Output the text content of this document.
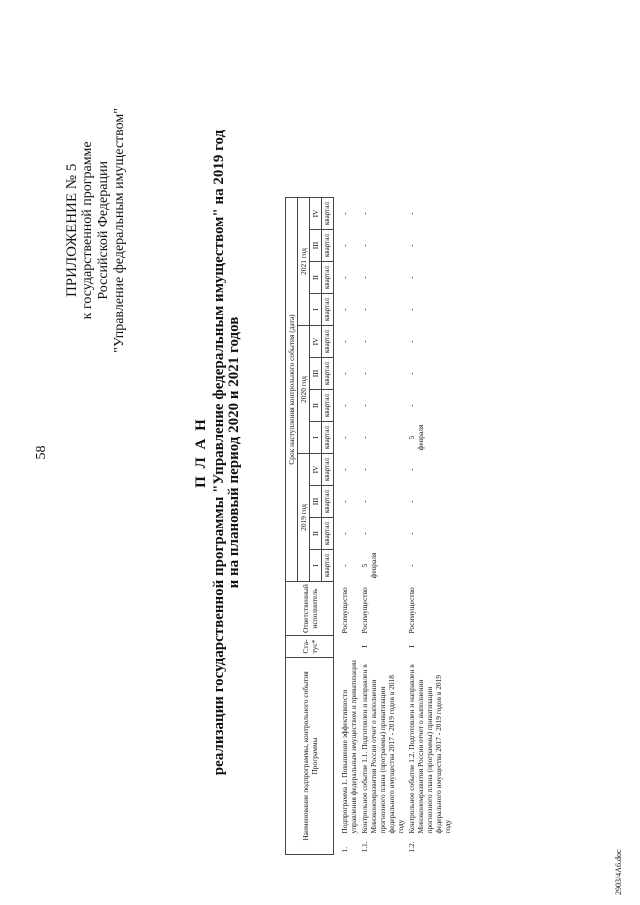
58
ПРИЛОЖЕНИЕ № 5 к государственной программе Российской Федерации "Управление федеральным имуществом"
П Л А Н реализации государственной программы "Управление федеральным имуществом" на 2019 год и на плановый период 2020 и 2021 годов
Наименование подпрограммы, контрольного события Программы		Ста-тус*	Ответственный исполнитель	Срок наступления контрольного события (дата)											
				2019 год				2020 год				2021 год			
				I	II	III	IV	I	II	III	IV	I	II	III	IV
				квартал	квартал	квартал	квартал	квартал	квартал	квартал	квартал	квартал	квартал	квартал	квартал
1.	Подпрограмма 1. Повышение эффективности управления федеральным имуществом и приватизации		Росимущество	-	-	-	-	-	-	-	-	-	-	-	-
1.1.	Контрольное событие 1.1. Подготовлен и направлен в Минэкономразвития России отчет о выполнении прогнозного плана (программы) приватизации федерального имущества 2017 - 2019 годов в 2018 году	I	Росимущество	5 февраля	-	-	-	-	-	-	-	-	-	-	-
1.2.	Контрольное событие 1.2. Подготовлен и направлен в Минэкономразвития России отчет о выполнении прогнозного плана (программы) приватизации федерального имущества 2017 - 2019 годов в 2019 году	I	Росимущество	-	-	-	-	5 февраля	-	-	-	-	-	-	-
2903/4A6.doc
